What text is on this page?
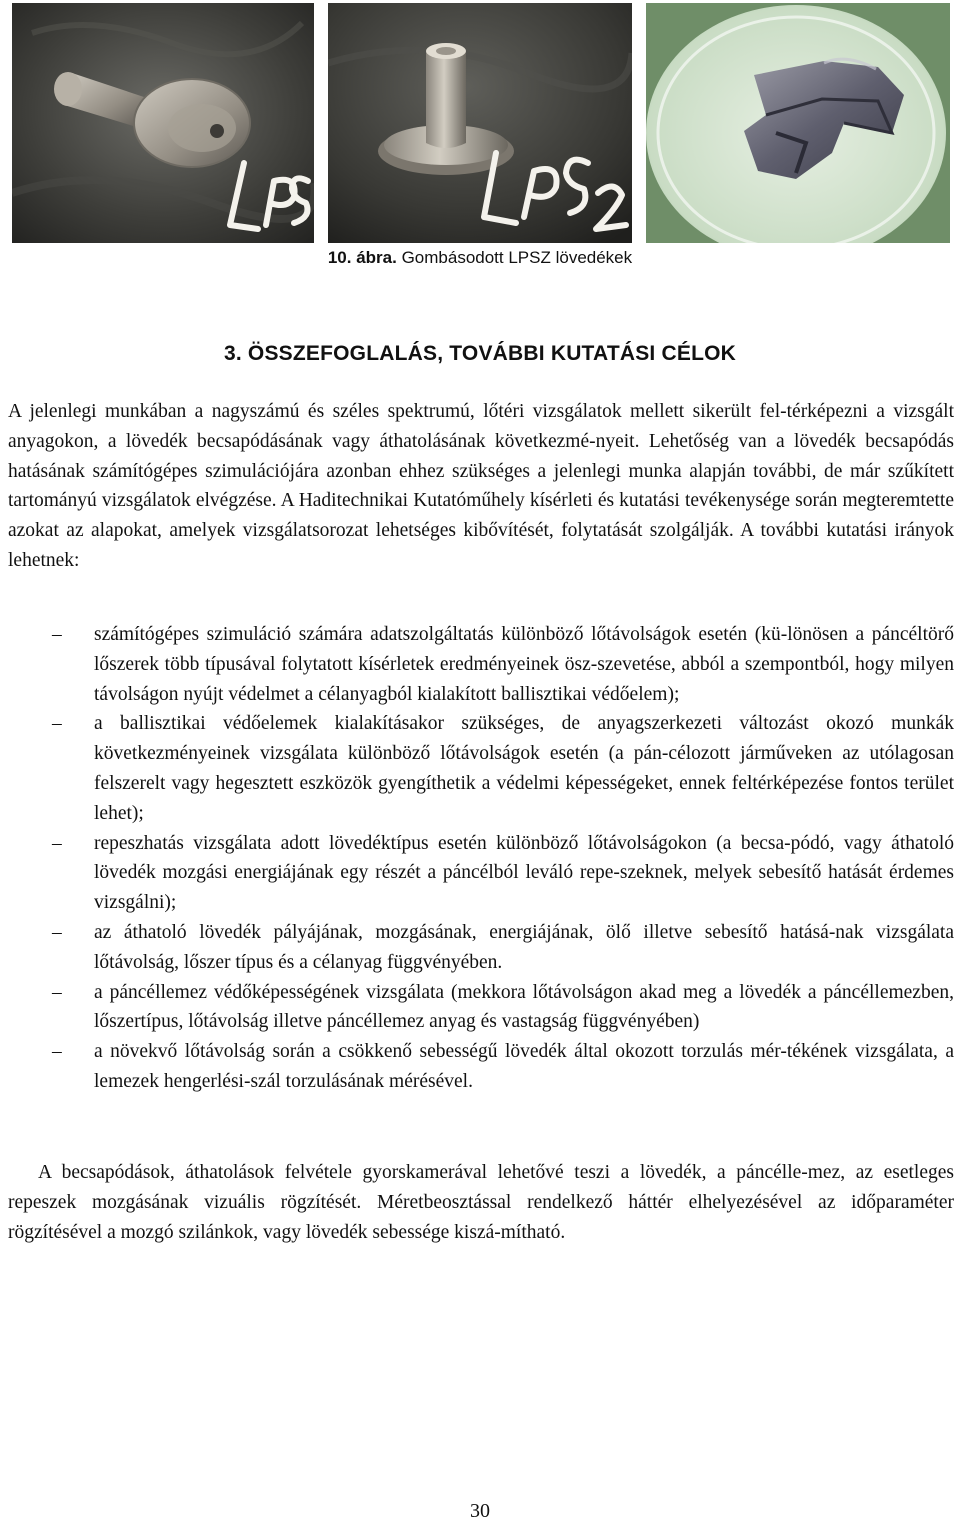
10. ábra. Gombásodott LPSZ lövedékek
3. ÖSSZEFOGLALÁS, TOVÁBBI KUTATÁSI CÉLOK

A jelenlegi munkában a nagyszámú és széles spektrumú, lőtéri vizsgálatok mellett sikerült fel-térképezni a vizsgált anyagokon, a lövedék becsapódásának vagy áthatolásának következmé-nyeit. Lehetőség van a lövedék becsapódás hatásának számítógépes szimulációjára azonban ehhez szükséges a jelenlegi munka alapján további, de már szűkített tartományú vizsgálatok elvégzése. A Haditechnikai Kutatóműhely kísérleti és kutatási tevékenysége során megteremtette azokat az alapokat, amelyek vizsgálatsorozat lehetséges kibővítését, folytatását szolgálják. A további kutatási irányok lehetnek:

– számítógépes szimuláció számára adatszolgáltatás különböző lőtávolságok esetén (kü-lönösen a páncéltörő lőszerek több típusával folytatott kísérletek eredményeinek ösz-szevetése, abból a szempontból, hogy milyen távolságon nyújt védelmet a célanyagból kialakított ballisztikai védőelem);
– a ballisztikai védőelemek kialakításakor szükséges, de anyagszerkezeti változást okozó munkák következményeinek vizsgálata különböző lőtávolságok esetén (a pán-célozott járműveken az utólagosan felszerelt vagy hegesztett eszközök gyengíthetik a védelmi képességeket, ennek feltérképezése fontos terület lehet);
– repeszhatás vizsgálata adott lövedéktípus esetén különböző lőtávolságokon (a becsa-pódó, vagy áthatoló lövedék mozgási energiájának egy részét a páncélból leváló repe-szeknek, melyek sebesítő hatását érdemes vizsgálni);
– az áthatoló lövedék pályájának, mozgásának, energiájának, ölő illetve sebesítő hatásá-nak vizsgálata lőtávolság, lőszer típus és a célanyag függvényében.
– a páncéllemez védőképességének vizsgálata (mekkora lőtávolságon akad meg a lövedék a páncéllemezben, lőszertípus, lőtávolság illetve páncéllemez anyag és vastagság függvényében)
– a növekvő lőtávolság során a csökkenő sebességű lövedék által okozott torzulás mér-tékének vizsgálata, a lemezek hengerlési-szál torzulásának mérésével.

A becsapódások, áthatolások felvétele gyorskamerával lehetővé teszi a lövedék, a páncélle-mez, az esetleges repeszek mozgásának vizuális rögzítését. Méretbeosztással rendelkező háttér elhelyezésével az időparaméter rögzítésével a mozgó szilánkok, vagy lövedék sebessége kiszá-mítható.

30
